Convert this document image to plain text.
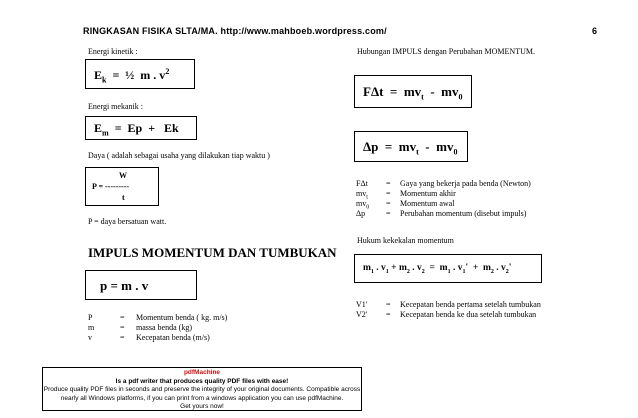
RINGKASAN FISIKA SLTA/MA. http://www.mahboeb.wordpress.com/	6
Energi kinetik :
$E_k$  =  ½  m . $v^2$
Energi mekanik :
$E_m = Ep + Ek$
Daya ( adalah sebagai usaha yang dilakukan tiap waktu )
W
P = ---------
t
P = daya bersatuan watt.
IMPULS MOMENTUM DAN TUMBUKAN
p = m . v
P	= Momentum benda ( kg. m/s)
m	= massa benda (kg)
v	= Kecepatan benda (m/s)
Hubungan IMPULS dengan Perubahan MOMENTUM.
$F\Delta t = mv_t - mv_0$
$\Delta p = mv_t - mv_0$
FΔt = Gaya yang bekerja pada benda (Newton)
$mv_t$ = Momentum akhir
$mv_0$ = Momentum awal
Δp	= Perubahan momentum (disebut impuls)
Hukum kekekalan momentum
$m_1$ . $v_1 + m_2$ . $v_2 = m_1$ . $v_1' + m_2$ . $v_2'$
V1' = Kecepatan benda pertama setelah tumbukan
V2' = Kecepatan benda ke dua setelah tumbukan
pdfMachine
Is a pdf writer that produces quality PDF files with ease!
Produce quality PDF files in seconds and preserve the integrity of your original documents. Compatible across
nearly all Windows platforms, if you can print from a windows application you can use pdfMachine.
Get yours now!
